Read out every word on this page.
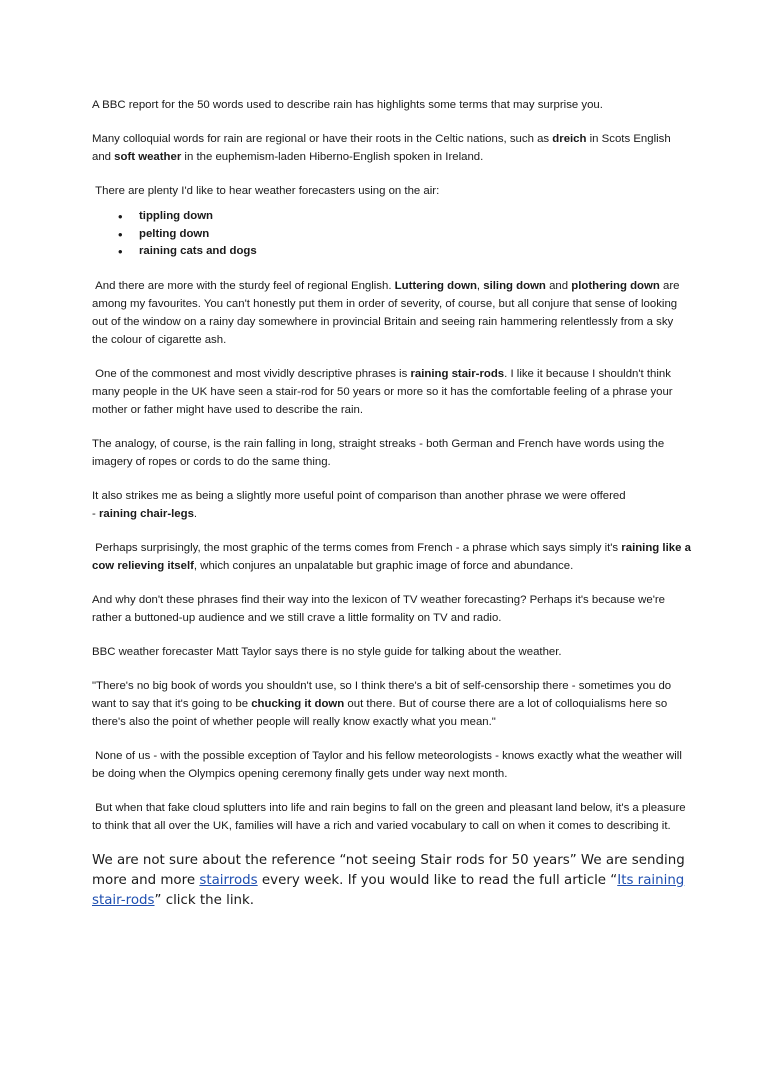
A BBC report for the 50 words used to describe rain has highlights some terms that may surprise you.

Many colloquial words for rain are regional or have their roots in the Celtic nations, such as dreich in Scots English and soft weather in the euphemism-laden Hiberno-English spoken in Ireland.

There are plenty I'd like to hear weather forecasters using on the air:

• tippling down
• pelting down
• raining cats and dogs

And there are more with the sturdy feel of regional English. Luttering down, siling down and plothering down are among my favourites. You can't honestly put them in order of severity, of course, but all conjure that sense of looking out of the window on a rainy day somewhere in provincial Britain and seeing rain hammering relentlessly from a sky the colour of cigarette ash.

One of the commonest and most vividly descriptive phrases is raining stair-rods. I like it because I shouldn't think many people in the UK have seen a stair-rod for 50 years or more so it has the comfortable feeling of a phrase your mother or father might have used to describe the rain.

The analogy, of course, is the rain falling in long, straight streaks - both German and French have words using the imagery of ropes or cords to do the same thing.

It also strikes me as being a slightly more useful point of comparison than another phrase we were offered
- raining chair-legs.

Perhaps surprisingly, the most graphic of the terms comes from French - a phrase which says simply it's raining like a cow relieving itself, which conjures an unpalatable but graphic image of force and abundance.

And why don't these phrases find their way into the lexicon of TV weather forecasting? Perhaps it's because we're rather a buttoned-up audience and we still crave a little formality on TV and radio.

BBC weather forecaster Matt Taylor says there is no style guide for talking about the weather.

"There's no big book of words you shouldn't use, so I think there's a bit of self-censorship there - sometimes you do want to say that it's going to be chucking it down out there. But of course there are a lot of colloquialisms here so there's also the point of whether people will really know exactly what you mean."

None of us - with the possible exception of Taylor and his fellow meteorologists - knows exactly what the weather will be doing when the Olympics opening ceremony finally gets under way next month.

But when that fake cloud splutters into life and rain begins to fall on the green and pleasant land below, it's a pleasure to think that all over the UK, families will have a rich and varied vocabulary to call on when it comes to describing it.

We are not sure about the reference “not seeing Stair rods for 50 years” We are sending more and more stairrods every week. If you would like to read the full article “Its raining stair-rods” click the link.
